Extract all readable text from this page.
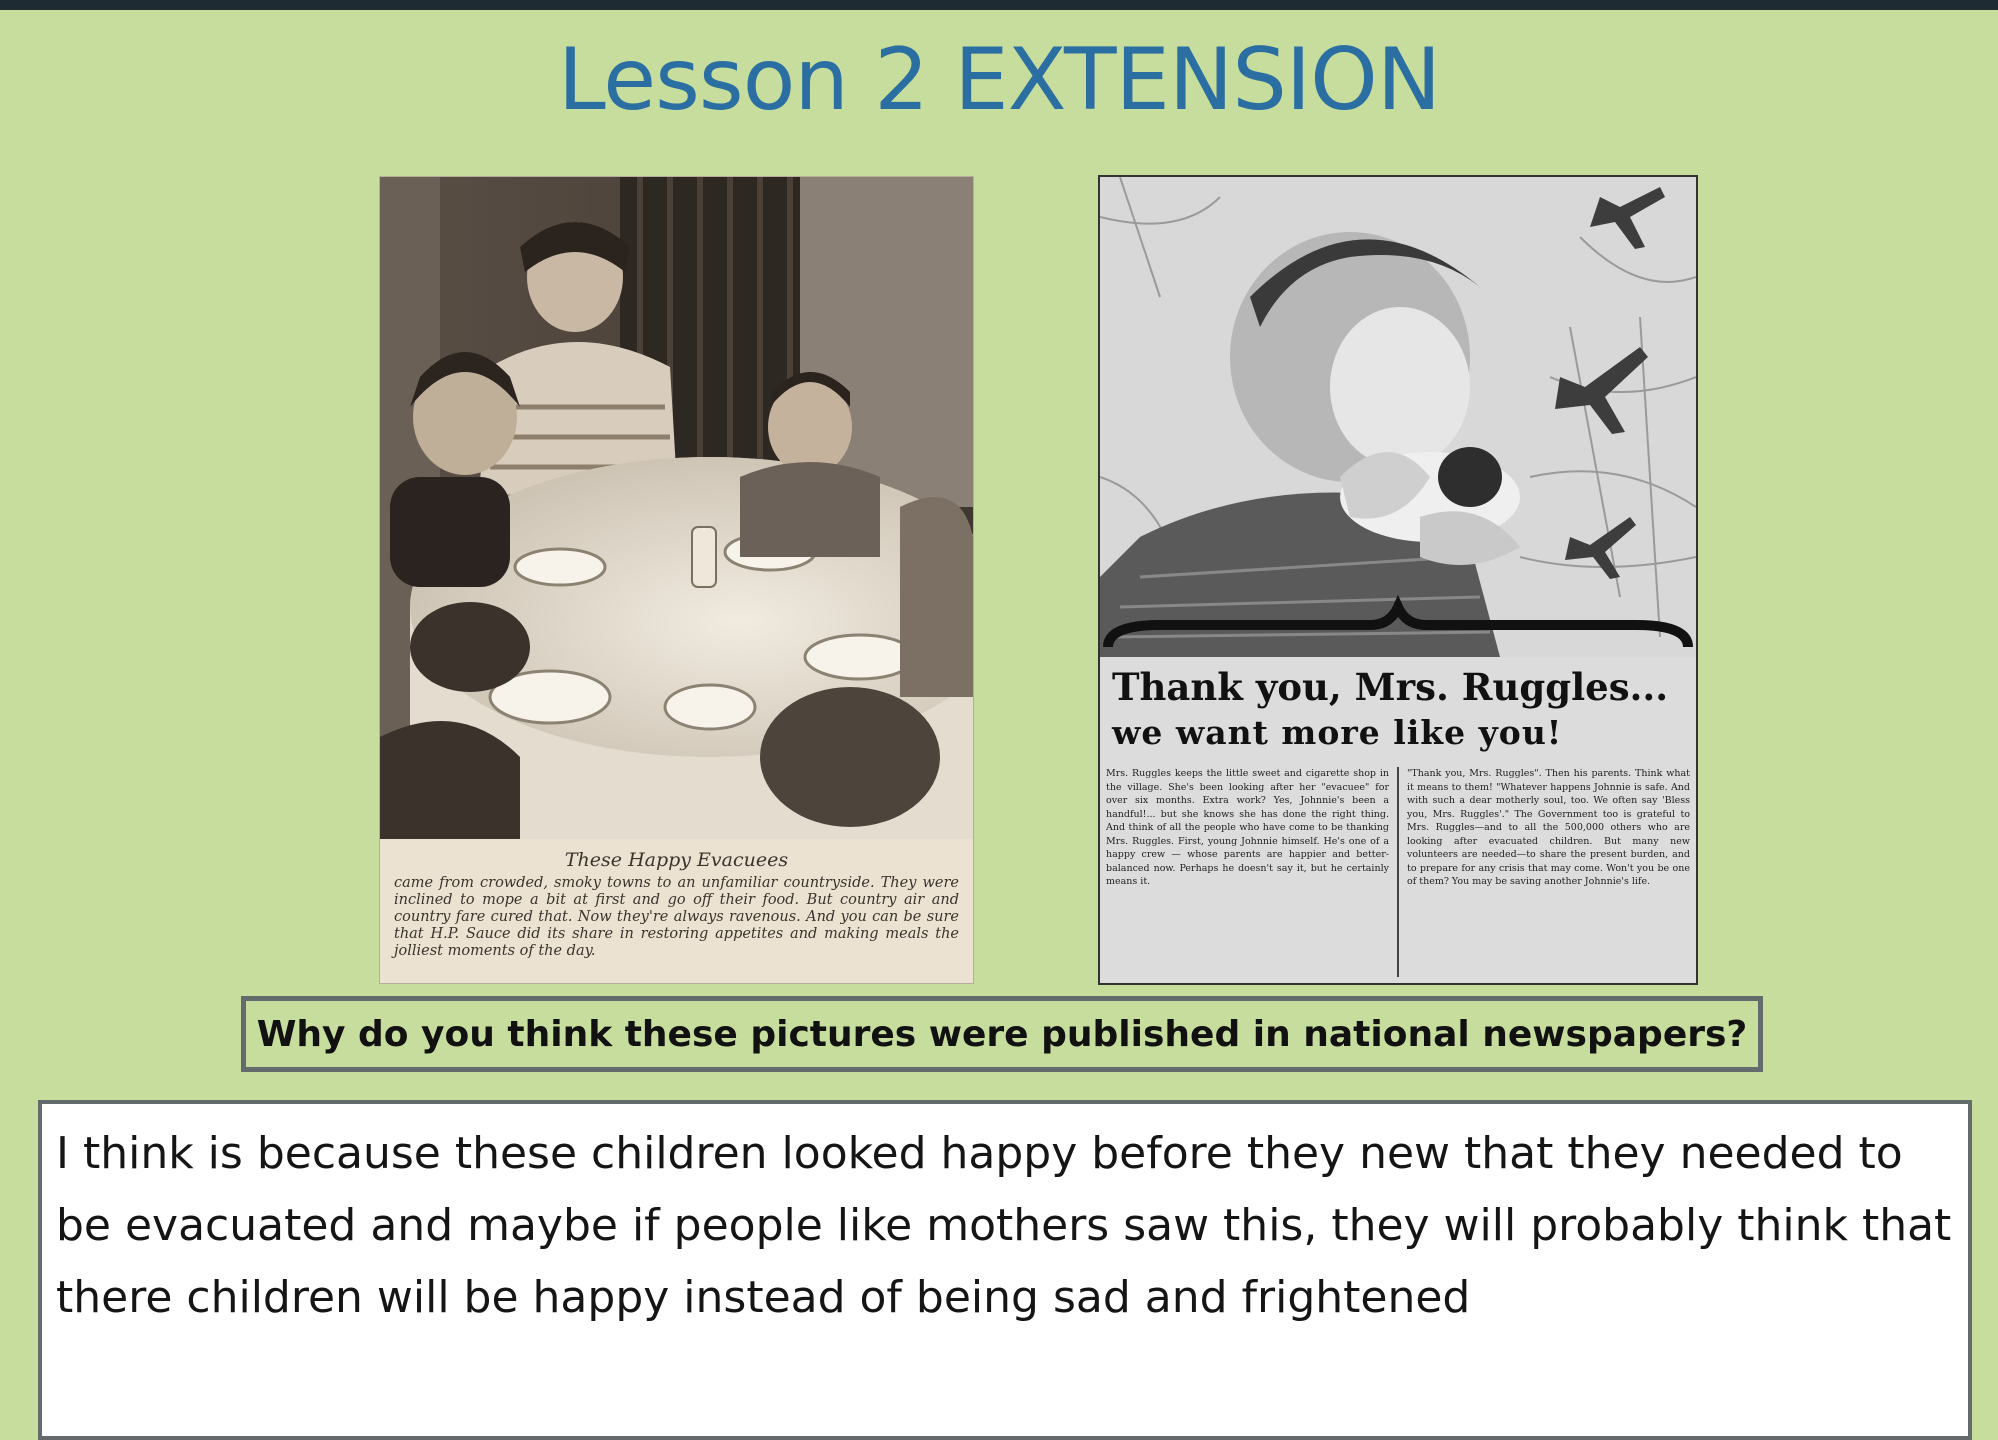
Lesson 2 EXTENSION
These Happy Evacuees
came from crowded, smoky towns to an unfamiliar countryside. They were inclined to mope a bit at first and go off their food. But country air and country fare cured that. Now they're always ravenous. And you can be sure that H.P. Sauce did its share in restoring appetites and making meals the jolliest moments of the day.
Thank you, Mrs. Ruggles...
we want more like you!
Mrs. Ruggles keeps the little sweet and cigarette shop in the village. She's been looking after her "evacuee" for over six months. Extra work? Yes, Johnnie's been a handful!... but she knows she has done the right thing. And think of all the people who have come to be thanking Mrs. Ruggles. First, young Johnnie himself. He's one of a happy crew — whose parents are happier and better-balanced now. Perhaps he doesn't say it, but he certainly means it.
"Thank you, Mrs. Ruggles". Then his parents. Think what it means to them! "Whatever happens Johnnie is safe. And with such a dear motherly soul, too. We often say 'Bless you, Mrs. Ruggles'." The Government too is grateful to Mrs. Ruggles—and to all the 500,000 others who are looking after evacuated children. But many new volunteers are needed—to share the present burden, and to prepare for any crisis that may come. Won't you be one of them? You may be saving another Johnnie's life.
Why do you think these pictures were published in national newspapers?
I think is because these children looked happy before they new that they needed to be evacuated and maybe if people like mothers saw this, they will probably think that there children will be happy instead of being sad and frightened
